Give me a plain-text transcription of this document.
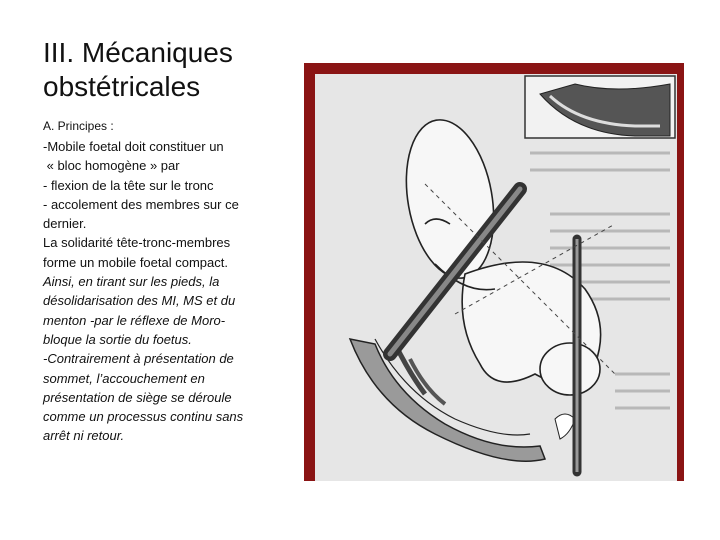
III. Mécaniques
obstétricales
A. Principes :
-Mobile foetal doit constituer un
« bloc homogène » par
- flexion de la tête sur le tronc
- accolement des membres sur ce
dernier.
La solidarité tête-tronc-membres
forme un mobile foetal compact.
Ainsi, en tirant sur les pieds, la
désolidarisation des MI, MS et du
menton -par le réflexe de Moro-
bloque la sortie du foetus.
-Contrairement à présentation de
sommet, l’accouchement en
présentation de siège se déroule
comme un processus continu sans
arrêt ni retour.
